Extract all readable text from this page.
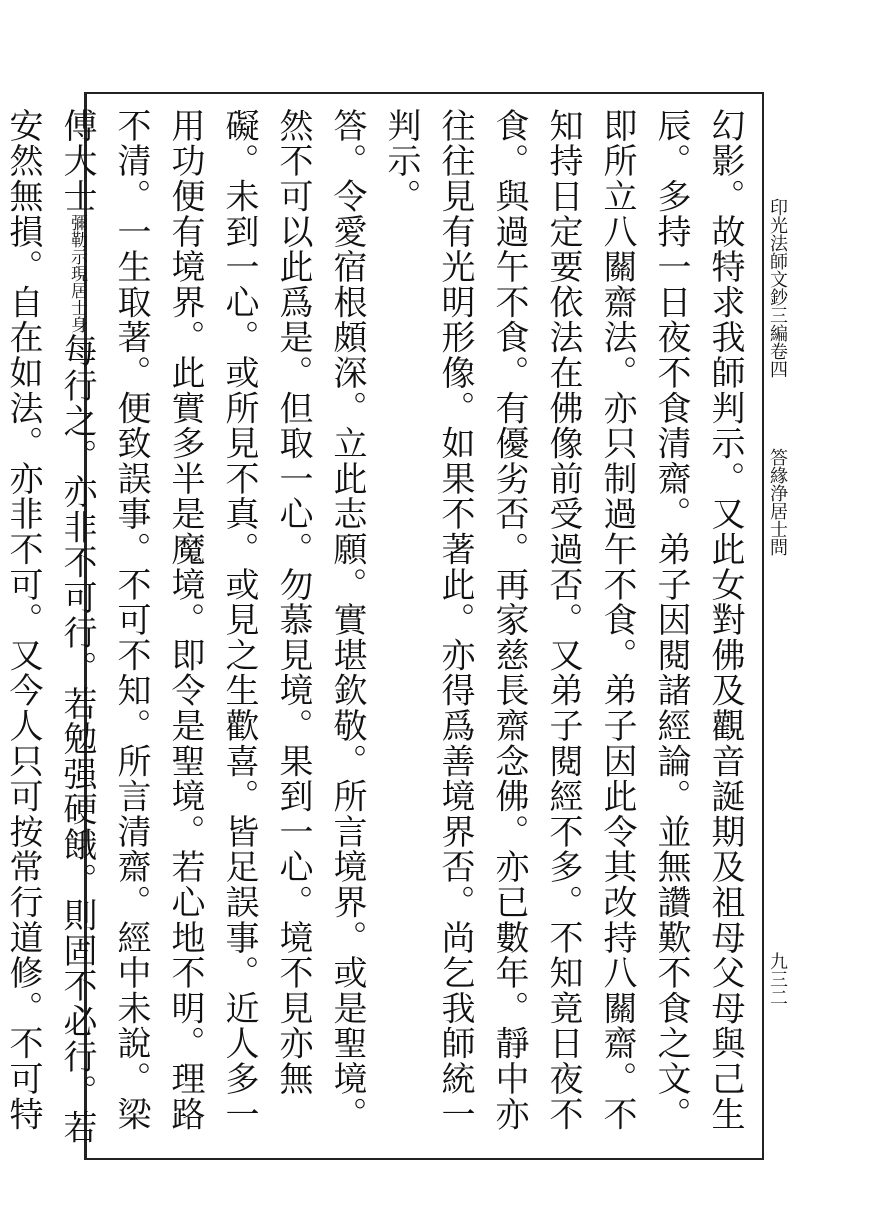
印光法師文鈔三編卷四
答緣浄居士問
九三二

幻影。故特求我師判示。又此女對佛及觀音誕期及祖母父母與己生辰。多持一日夜不食清齋。弟子因閱諸經論。並無讚歎不食之文。即所立八關齋法。亦只制過午不食。弟子因此令其改持八關齋。不知持日定要依法在佛像前受過否。又弟子閱經不多。不知竟日夜不食。與過午不食。有優劣否。再家慈長齋念佛。亦已數年。靜中亦往往見有光明形像。如果不著此。亦得爲善境界否。尚乞我師統一判示。

答。令愛宿根頗深。立此志願。實堪欽敬。所言境界。或是聖境。然不可以此爲是。但取一心。勿慕見境。果到一心。境不見亦無礙。未到一心。或所見不真。或見之生歡喜。皆足誤事。近人多一用功便有境界。此實多半是魔境。即令是聖境。若心地不明。理路不清。一生取著。便致誤事。不可不知。所言清齋。經中未說。梁傅大士彌勒示現居士身每行之。亦非不可行。若勉强硬餓。則固不必行。若安然無損。自在如法。亦非不可。又今人只可按常行道修。不可特
